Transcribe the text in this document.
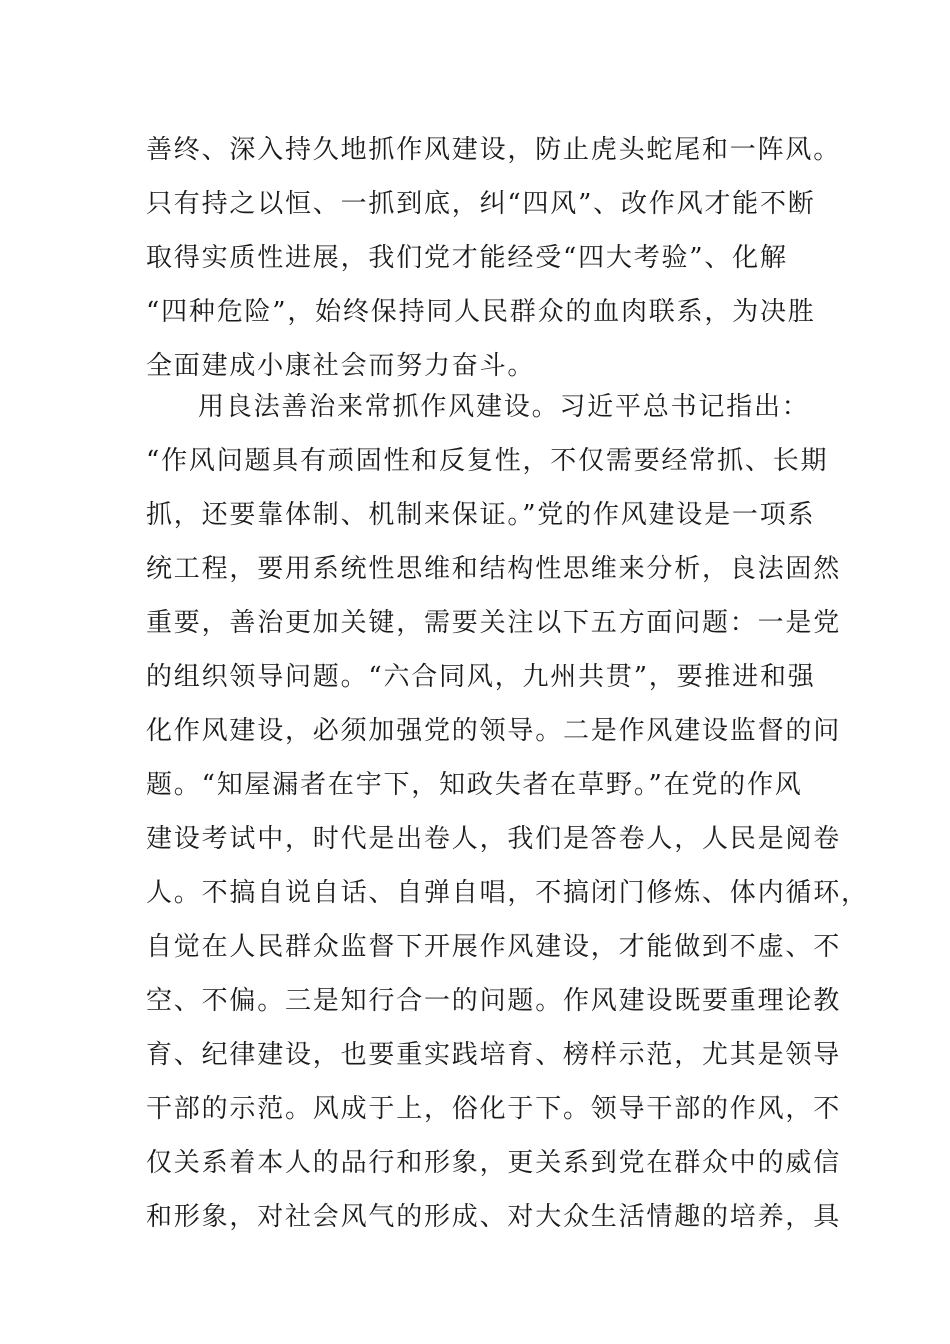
善终、深入持久地抓作风建设，防止虎头蛇尾和一阵风。
只有持之以恒、一抓到底，纠“四风”、改作风才能不断
取得实质性进展，我们党才能经受“四大考验”、化解
“四种危险”，始终保持同人民群众的血肉联系，为决胜
全面建成小康社会而努力奋斗。
用良法善治来常抓作风建设。习近平总书记指出：
“作风问题具有顽固性和反复性，不仅需要经常抓、长期
抓，还要靠体制、机制来保证。”党的作风建设是一项系
统工程，要用系统性思维和结构性思维来分析，良法固然
重要，善治更加关键，需要关注以下五方面问题：一是党
的组织领导问题。“六合同风，九州共贯”，要推进和强
化作风建设，必须加强党的领导。二是作风建设监督的问
题。“知屋漏者在宇下，知政失者在草野。”在党的作风
建设考试中，时代是出卷人，我们是答卷人，人民是阅卷
人。不搞自说自话、自弹自唱，不搞闭门修炼、体内循环，
自觉在人民群众监督下开展作风建设，才能做到不虚、不
空、不偏。三是知行合一的问题。作风建设既要重理论教
育、纪律建设，也要重实践培育、榜样示范，尤其是领导
干部的示范。风成于上，俗化于下。领导干部的作风，不
仅关系着本人的品行和形象，更关系到党在群众中的威信
和形象，对社会风气的形成、对大众生活情趣的培养，具
